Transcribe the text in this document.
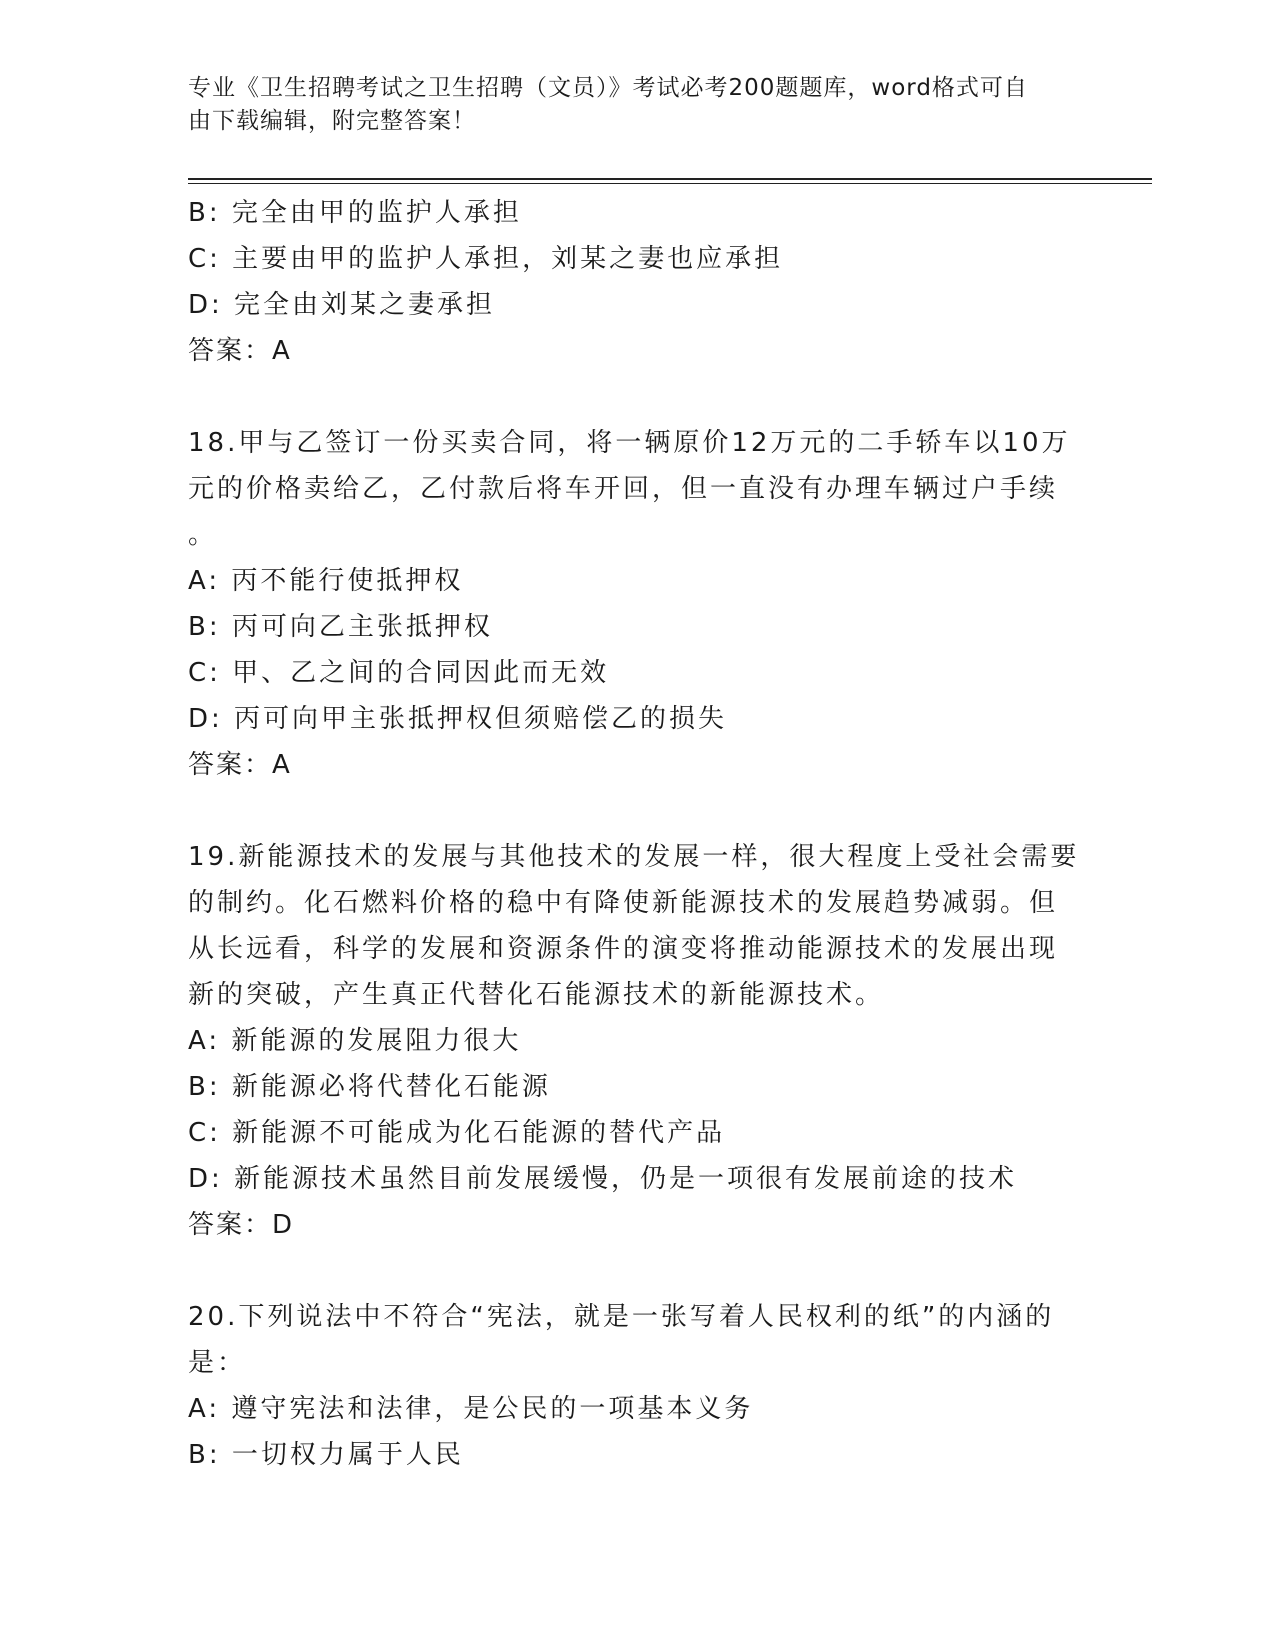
专业《卫生招聘考试之卫生招聘（文员）》考试必考200题题库，word格式可自
由下载编辑，附完整答案！
B: 完全由甲的监护人承担
C: 主要由甲的监护人承担，刘某之妻也应承担
D: 完全由刘某之妻承担
答案：A
18.甲与乙签订一份买卖合同，将一辆原价12万元的二手轿车以10万
元的价格卖给乙，乙付款后将车开回，但一直没有办理车辆过户手续
。
A: 丙不能行使抵押权
B: 丙可向乙主张抵押权
C: 甲、乙之间的合同因此而无效
D: 丙可向甲主张抵押权但须赔偿乙的损失
答案：A
19.新能源技术的发展与其他技术的发展一样，很大程度上受社会需要
的制约。化石燃料价格的稳中有降使新能源技术的发展趋势减弱。但
从长远看，科学的发展和资源条件的演变将推动能源技术的发展出现
新的突破，产生真正代替化石能源技术的新能源技术。
A: 新能源的发展阻力很大
B: 新能源必将代替化石能源
C: 新能源不可能成为化石能源的替代产品
D: 新能源技术虽然目前发展缓慢，仍是一项很有发展前途的技术
答案：D
20.下列说法中不符合“宪法，就是一张写着人民权利的纸”的内涵的
是：
A: 遵守宪法和法律，是公民的一项基本义务
B: 一切权力属于人民
